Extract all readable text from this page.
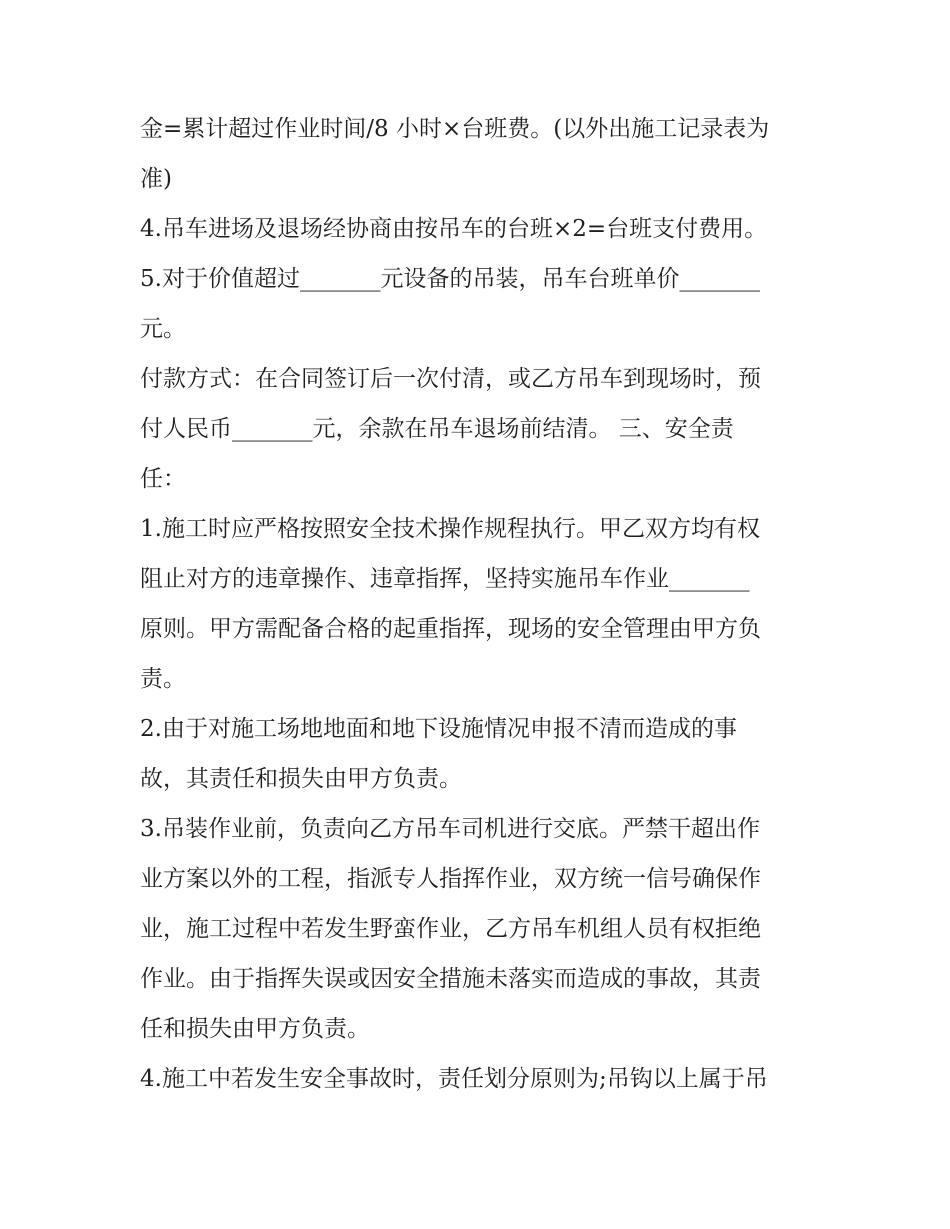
金=累计超过作业时间/8 小时×台班费。(以外出施工记录表为
准)
4.吊车进场及退场经协商由按吊车的台班×2=台班支付费用。
5.对于价值超过_______元设备的吊装，吊车台班单价_______
元。
付款方式：在合同签订后一次付清，或乙方吊车到现场时，预
付人民币_______元，余款在吊车退场前结清。 三、安全责
任：
1.施工时应严格按照安全技术操作规程执行。甲乙双方均有权
阻止对方的违章操作、违章指挥，坚持实施吊车作业_______
原则。甲方需配备合格的起重指挥，现场的安全管理由甲方负
责。
2.由于对施工场地地面和地下设施情况申报不清而造成的事
故，其责任和损失由甲方负责。
3.吊装作业前，负责向乙方吊车司机进行交底。严禁干超出作
业方案以外的工程，指派专人指挥作业，双方统一信号确保作
业，施工过程中若发生野蛮作业，乙方吊车机组人员有权拒绝
作业。由于指挥失误或因安全措施未落实而造成的事故，其责
任和损失由甲方负责。
4.施工中若发生安全事故时，责任划分原则为;吊钩以上属于吊
